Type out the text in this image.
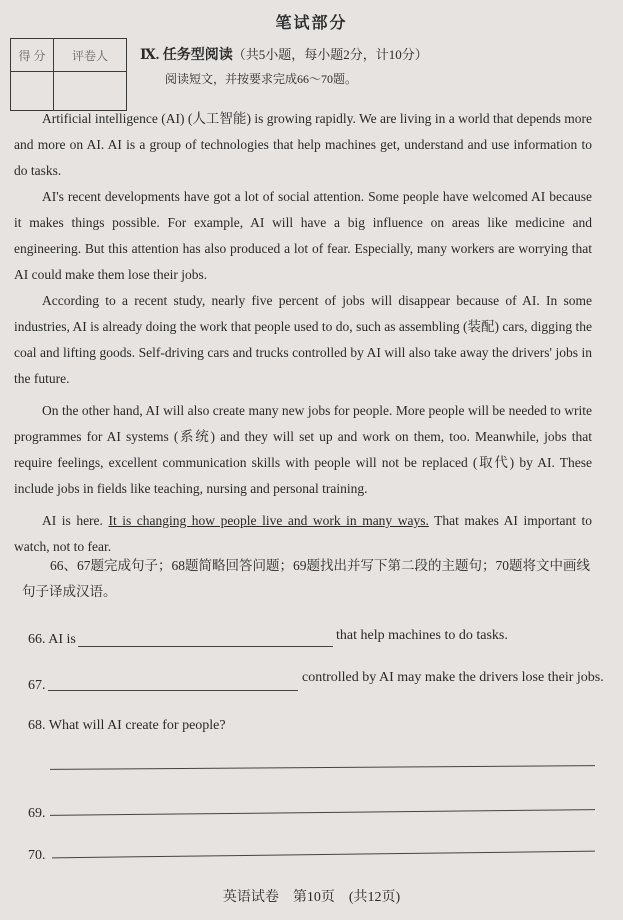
笔试部分
得 分	评卷人
	Ⅸ. 任务型阅读（共5小题，每小题2分，计10分）
阅读短文，并按要求完成66～70题。

Artificial intelligence (AI) (人工智能) is growing rapidly. We are living in a world that depends more and more on AI. AI is a group of technologies that help machines get, understand and use information to do tasks.

AI's recent developments have got a lot of social attention. Some people have welcomed AI because it makes things possible. For example, AI will have a big influence on areas like medicine and engineering. But this attention has also produced a lot of fear. Especially, many workers are worrying that AI could make them lose their jobs.

According to a recent study, nearly five percent of jobs will disappear because of AI. In some industries, AI is already doing the work that people used to do, such as assembling (装配) cars, digging the coal and lifting goods. Self-driving cars and trucks controlled by AI will also take away the drivers' jobs in the future.

On the other hand, AI will also create many new jobs for people. More people will be needed to write programmes for AI systems (系统) and they will set up and work on them, too. Meanwhile, jobs that require feelings, excellent communication skills with people will not be replaced (取代) by AI. These include jobs in fields like teaching, nursing and personal training.

AI is here. It is changing how people live and work in many ways. That makes AI important to watch, not to fear.

66、67题完成句子；68题简略回答问题；69题找出并写下第二段的主题句；70题将文中画线句子译成汉语。

66. AI is	that help machines to do tasks.
67.
controlled by AI may make the drivers lose their jobs.
68. What will AI create for people?
69.
70.
英语试卷　第10页　(共12页)
